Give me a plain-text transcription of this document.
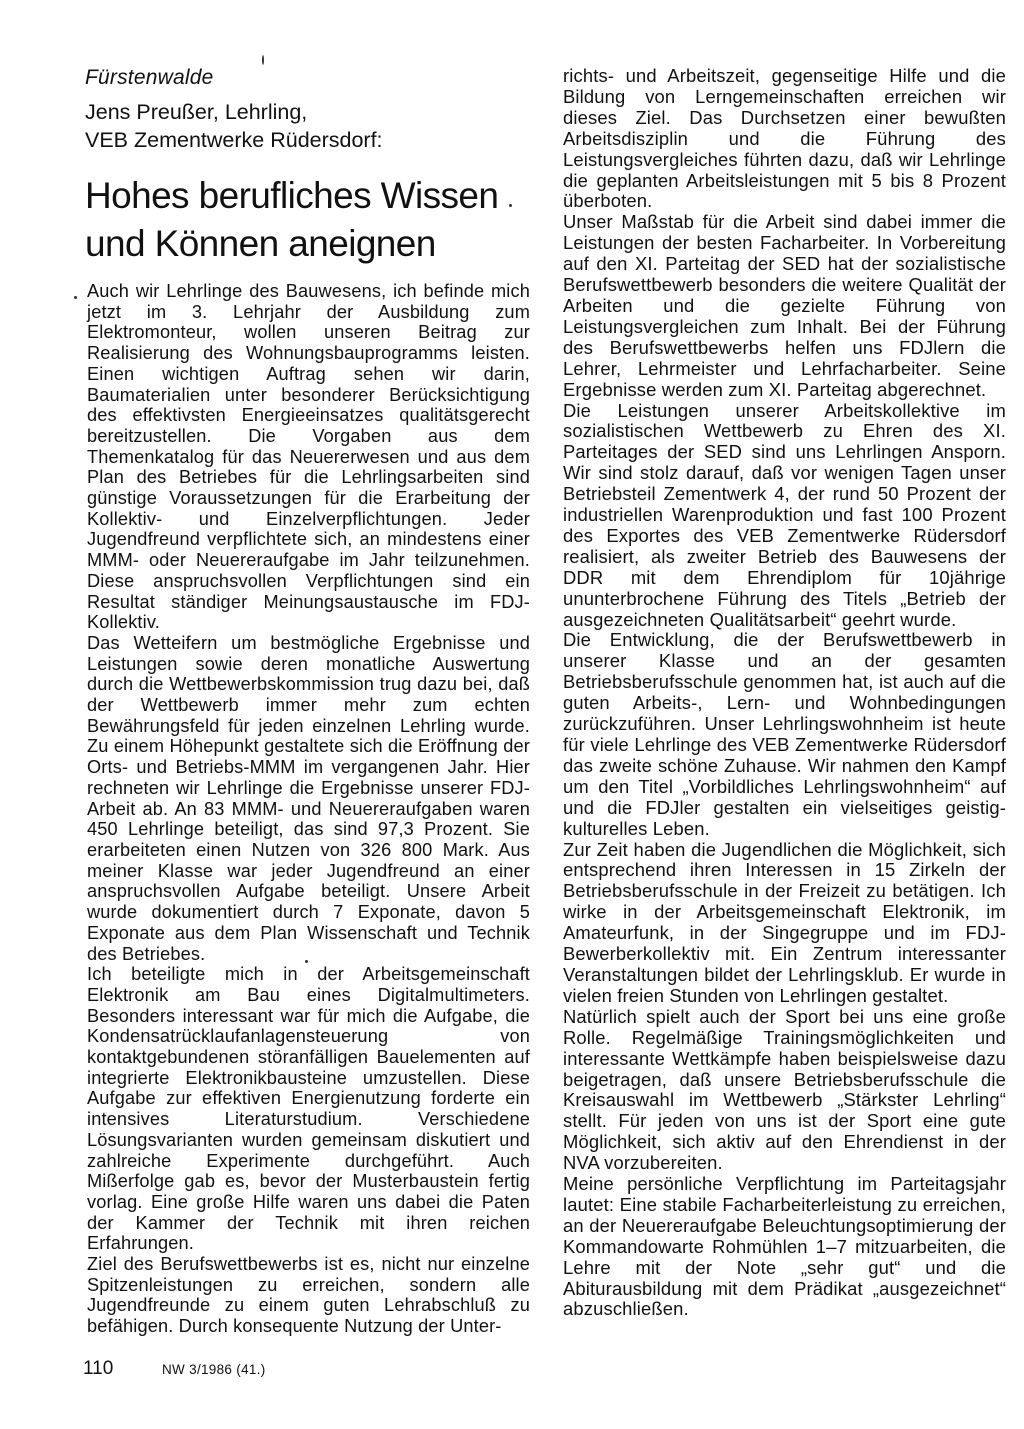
Fürstenwalde
Jens Preußer, Lehrling,
VEB Zementwerke Rüdersdorf:
Hohes berufliches Wissen
und Können aneignen

Auch wir Lehrlinge des Bauwesens, ich befinde mich jetzt im 3. Lehrjahr der Ausbildung zum Elektromonteur, wollen unseren Beitrag zur Realisierung des Wohnungsbauprogramms leisten. Einen wichtigen Auftrag sehen wir darin, Baumaterialien unter besonderer Berücksichtigung des effektivsten Energieeinsatzes qualitätsgerecht bereitzustellen. Die Vorgaben aus dem Themenkatalog für das Neuererwesen und aus dem Plan des Betriebes für die Lehrlingsarbeiten sind günstige Voraussetzungen für die Erarbeitung der Kollektiv- und Einzelverpflichtungen. Jeder Jugendfreund verpflichtete sich, an mindestens einer MMM- oder Neuereraufgabe im Jahr teilzunehmen. Diese anspruchsvollen Verpflichtungen sind ein Resultat ständiger Meinungsaustausche im FDJ-Kollektiv.

Das Wetteifern um bestmögliche Ergebnisse und Leistungen sowie deren monatliche Auswertung durch die Wettbewerbskommission trug dazu bei, daß der Wettbewerb immer mehr zum echten Bewährungsfeld für jeden einzelnen Lehrling wurde. Zu einem Höhepunkt gestaltete sich die Eröffnung der Orts- und Betriebs-MMM im vergangenen Jahr. Hier rechneten wir Lehrlinge die Ergebnisse unserer FDJ-Arbeit ab. An 83 MMM- und Neuereraufgaben waren 450 Lehrlinge beteiligt, das sind 97,3 Prozent. Sie erarbeiteten einen Nutzen von 326 800 Mark. Aus meiner Klasse war jeder Jugendfreund an einer anspruchsvollen Aufgabe beteiligt. Unsere Arbeit wurde dokumentiert durch 7 Exponate, davon 5 Exponate aus dem Plan Wissenschaft und Technik des Betriebes.

Ich beteiligte mich in der Arbeitsgemeinschaft Elektronik am Bau eines Digitalmultimeters. Besonders interessant war für mich die Aufgabe, die Kondensatrücklaufanlagensteuerung von kontaktgebundenen störanfälligen Bauelementen auf integrierte Elektronikbausteine umzustellen. Diese Aufgabe zur effektiven Energienutzung forderte ein intensives Literaturstudium. Verschiedene Lösungsvarianten wurden gemeinsam diskutiert und zahlreiche Experimente durchgeführt. Auch Mißerfolge gab es, bevor der Musterbaustein fertig vorlag. Eine große Hilfe waren uns dabei die Paten der Kammer der Technik mit ihren reichen Erfahrungen.

Ziel des Berufswettbewerbs ist es, nicht nur einzelne Spitzenleistungen zu erreichen, sondern alle Jugendfreunde zu einem guten Lehrabschluß zu befähigen. Durch konsequente Nutzung der Unter-

richts- und Arbeitszeit, gegenseitige Hilfe und die Bildung von Lerngemeinschaften erreichen wir dieses Ziel. Das Durchsetzen einer bewußten Arbeitsdisziplin und die Führung des Leistungsvergleiches führten dazu, daß wir Lehrlinge die geplanten Arbeitsleistungen mit 5 bis 8 Prozent überboten.

Unser Maßstab für die Arbeit sind dabei immer die Leistungen der besten Facharbeiter. In Vorbereitung auf den XI. Parteitag der SED hat der sozialistische Berufswettbewerb besonders die weitere Qualität der Arbeiten und die gezielte Führung von Leistungsvergleichen zum Inhalt. Bei der Führung des Berufswettbewerbs helfen uns FDJlern die Lehrer, Lehrmeister und Lehrfacharbeiter. Seine Ergebnisse werden zum XI. Parteitag abgerechnet.

Die Leistungen unserer Arbeitskollektive im sozialistischen Wettbewerb zu Ehren des XI. Parteitages der SED sind uns Lehrlingen Ansporn. Wir sind stolz darauf, daß vor wenigen Tagen unser Betriebsteil Zementwerk 4, der rund 50 Prozent der industriellen Warenproduktion und fast 100 Prozent des Exportes des VEB Zementwerke Rüdersdorf realisiert, als zweiter Betrieb des Bauwesens der DDR mit dem Ehrendiplom für 10jährige ununterbrochene Führung des Titels „Betrieb der ausgezeichneten Qualitätsarbeit“ geehrt wurde.

Die Entwicklung, die der Berufswettbewerb in unserer Klasse und an der gesamten Betriebsberufsschule genommen hat, ist auch auf die guten Arbeits-, Lern- und Wohnbedingungen zurückzuführen. Unser Lehrlingswohnheim ist heute für viele Lehrlinge des VEB Zementwerke Rüdersdorf das zweite schöne Zuhause. Wir nahmen den Kampf um den Titel „Vorbildliches Lehrlingswohnheim“ auf und die FDJler gestalten ein vielseitiges geistig-kulturelles Leben.

Zur Zeit haben die Jugendlichen die Möglichkeit, sich entsprechend ihren Interessen in 15 Zirkeln der Betriebsberufsschule in der Freizeit zu betätigen. Ich wirke in der Arbeitsgemeinschaft Elektronik, im Amateurfunk, in der Singegruppe und im FDJ-Bewerberkollektiv mit. Ein Zentrum interessanter Veranstaltungen bildet der Lehrlingsklub. Er wurde in vielen freien Stunden von Lehrlingen gestaltet.

Natürlich spielt auch der Sport bei uns eine große Rolle. Regelmäßige Trainingsmöglichkeiten und interessante Wettkämpfe haben beispielsweise dazu beigetragen, daß unsere Betriebsberufsschule die Kreisauswahl im Wettbewerb „Stärkster Lehrling“ stellt. Für jeden von uns ist der Sport eine gute Möglichkeit, sich aktiv auf den Ehrendienst in der NVA vorzubereiten.

Meine persönliche Verpflichtung im Parteitagsjahr lautet: Eine stabile Facharbeiterleistung zu erreichen, an der Neuereraufgabe Beleuchtungsoptimierung der Kommandowarte Rohmühlen 1–7 mitzuarbeiten, die Lehre mit der Note „sehr gut“ und die Abiturausbildung mit dem Prädikat „ausgezeichnet“ abzuschließen.

110	NW 3/1986 (41.)
